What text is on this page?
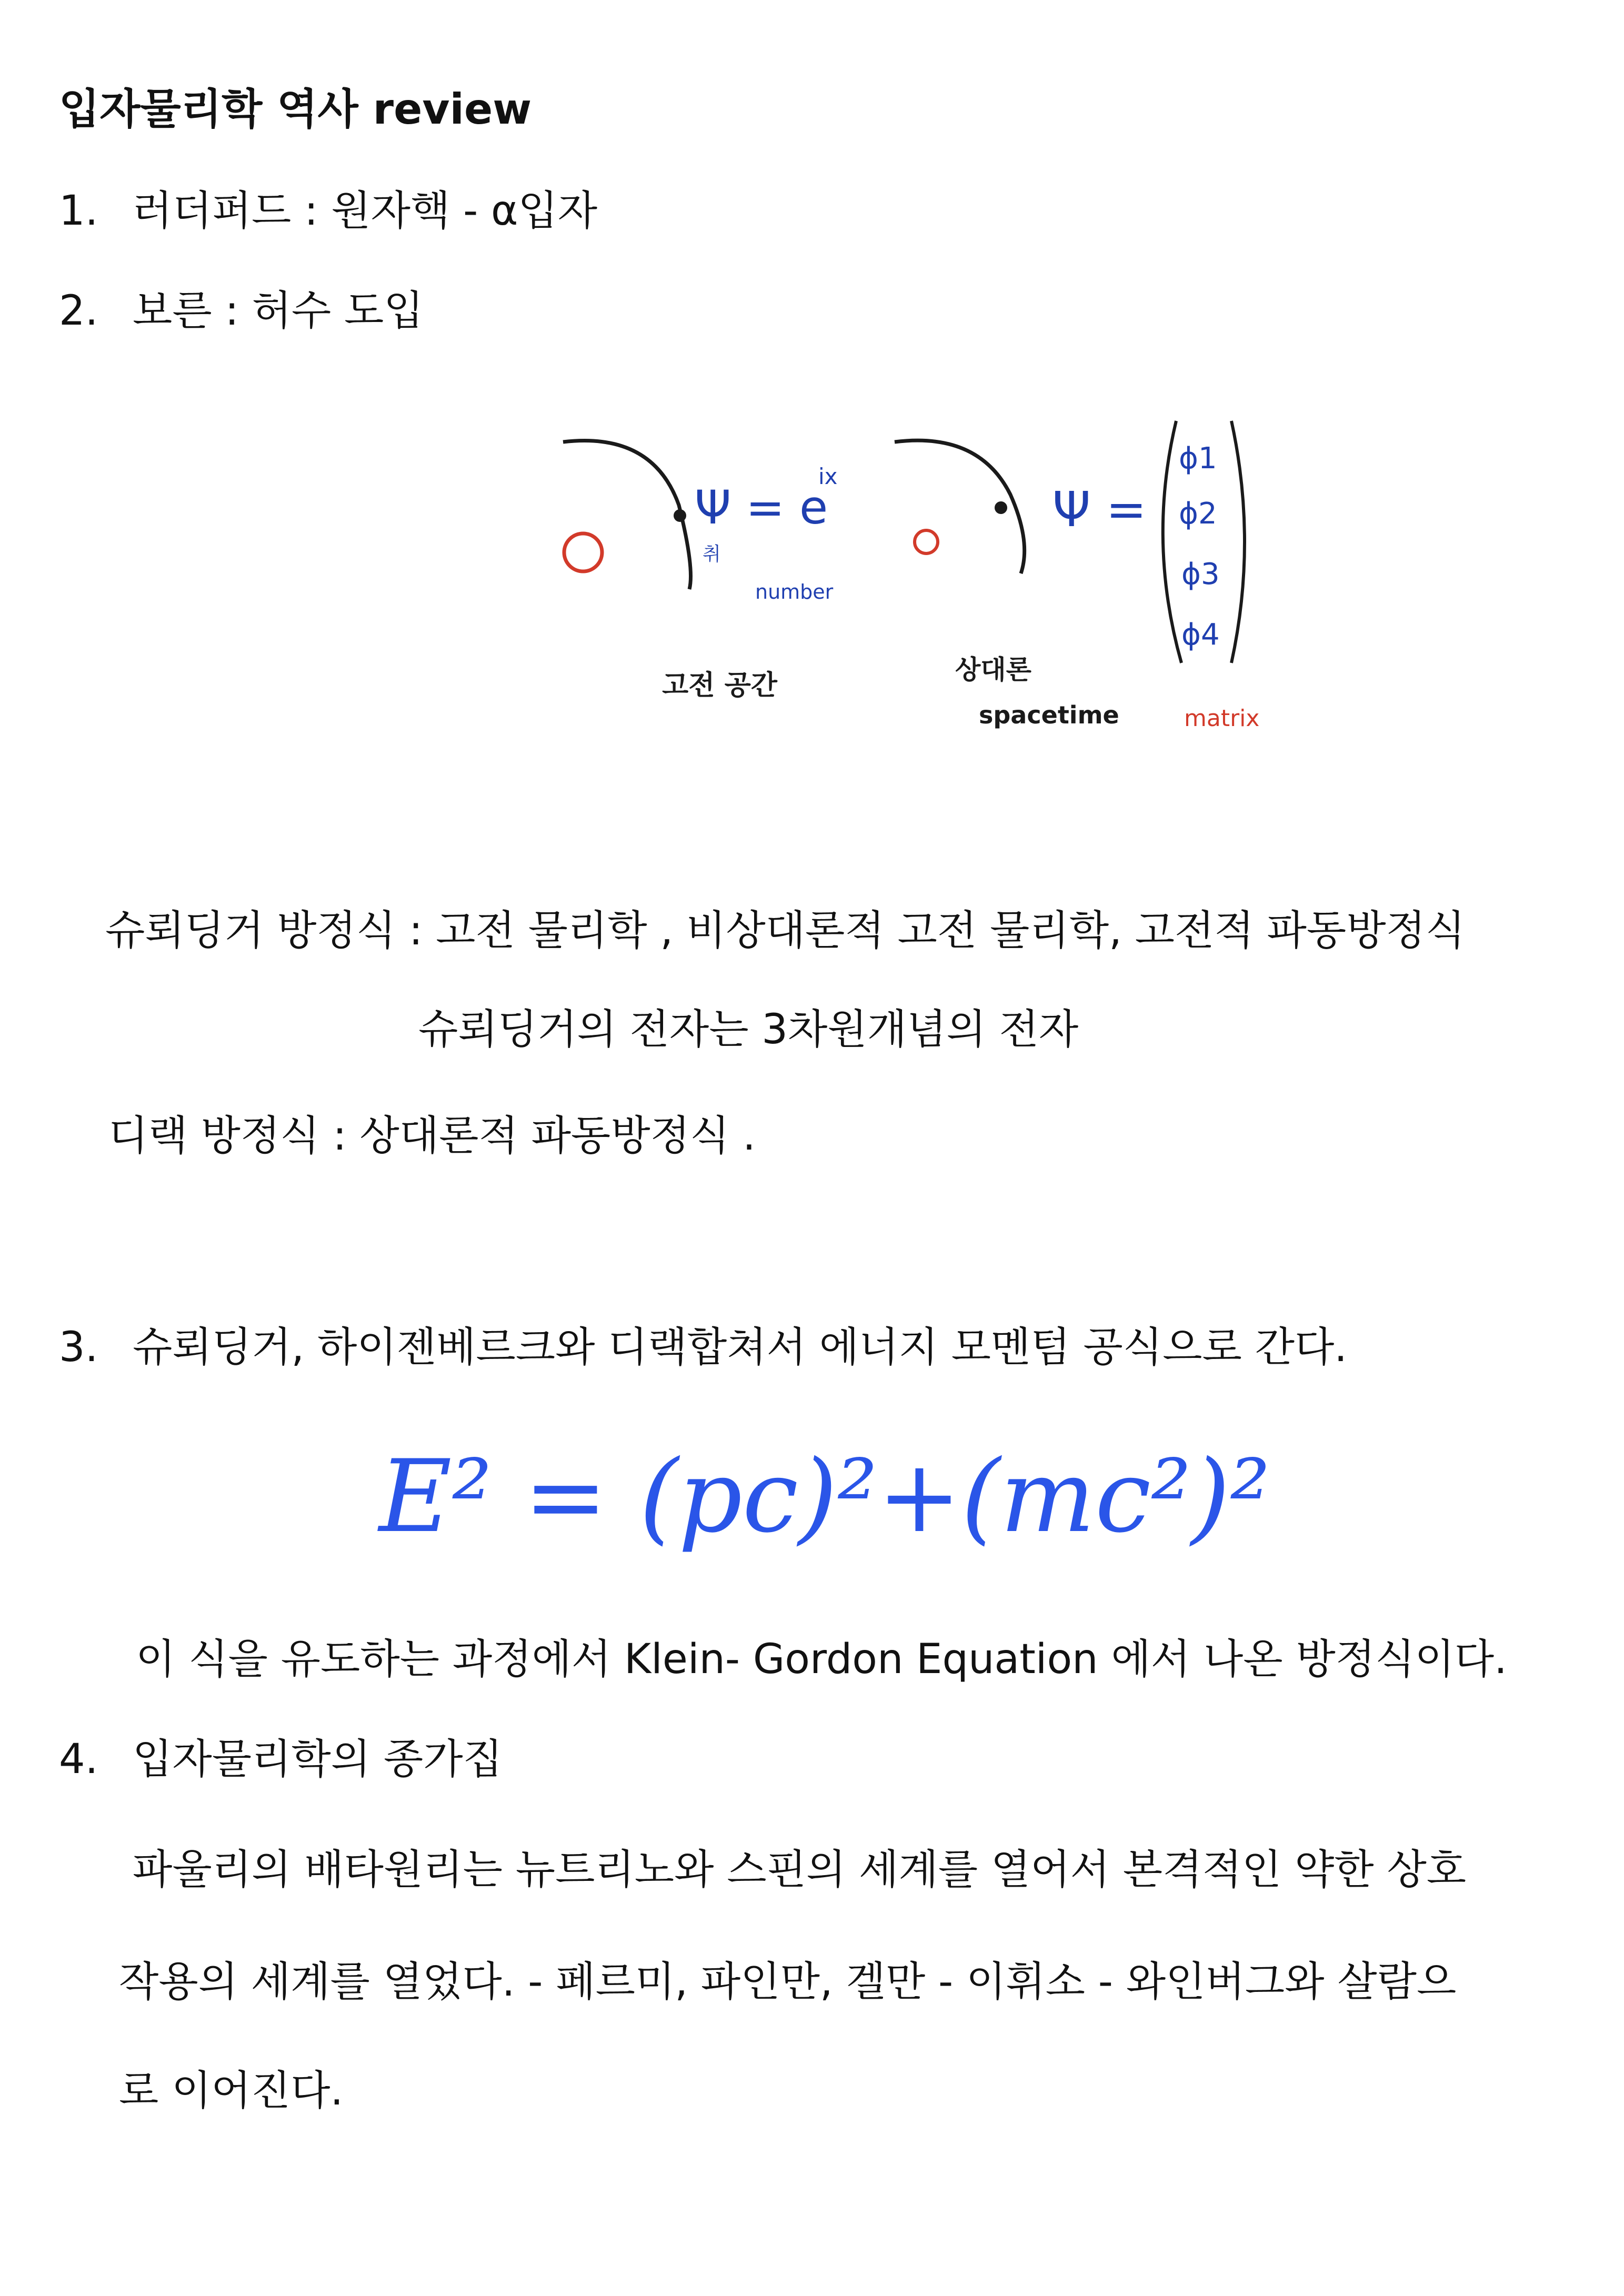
입자물리학 역사 review
1. 러더퍼드 : 원자핵 - α입자
2. 보른 : 허수 도입
Ψ = e
취
ix
number
고전 공간
Ψ =
ϕ1
ϕ2
ϕ3
ϕ4
상대론
spacetime	matrix
슈뢰딩거 방정식 : 고전 물리학 , 비상대론적 고전 물리학, 고전적 파동방정식
슈뢰딩거의 전자는 3차원개념의 전자
디랙 방정식 : 상대론적 파동방정식 .
3. 슈뢰딩거, 하이젠베르크와 디랙합쳐서 에너지 모멘텀 공식으로 간다.
E² = (pc)²+(mc²)²
이 식을 유도하는 과정에서 Klein- Gordon Equation 에서 나온 방정식이다.
4. 입자물리학의 종가집
파울리의 배타원리는 뉴트리노와 스핀의 세계를 열어서 본격적인 약한 상호
작용의 세계를 열었다. - 페르미, 파인만, 겔만 - 이휘소 - 와인버그와 살람으
로 이어진다.
